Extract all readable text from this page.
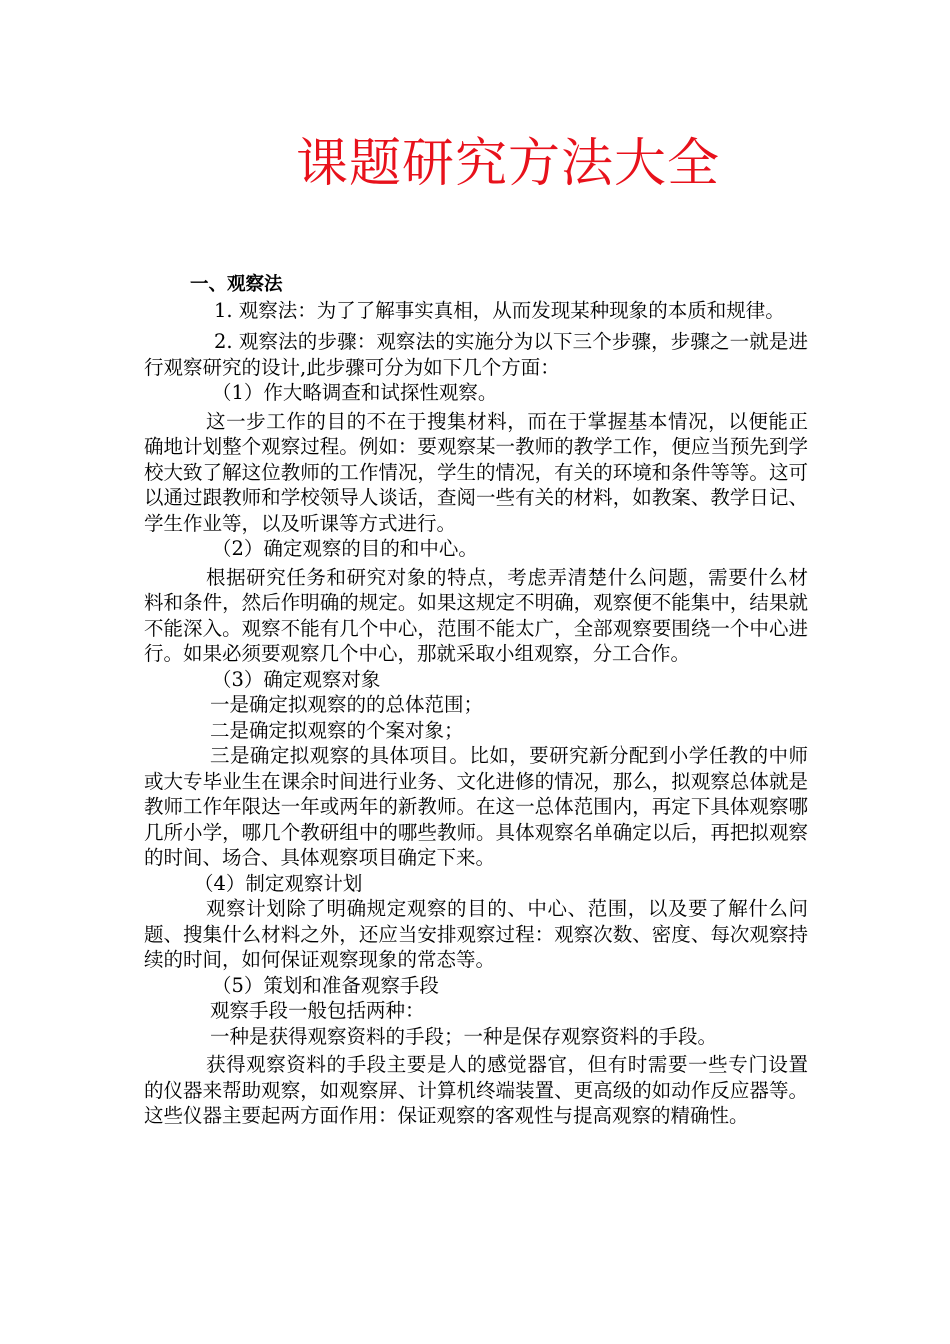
课题研究方法大全

一、观察法

1. 观察法：为了了解事实真相，从而发现某种现象的本质和规律。

2. 观察法的步骤：观察法的实施分为以下三个步骤，步骤之一就是进行观察研究的设计,此步骤可分为如下几个方面：

（1）作大略调查和试探性观察。

这一步工作的目的不在于搜集材料，而在于掌握基本情况，以便能正确地计划整个观察过程。例如：要观察某一教师的教学工作，便应当预先到学校大致了解这位教师的工作情况，学生的情况，有关的环境和条件等等。这可以通过跟教师和学校领导人谈话，查阅一些有关的材料，如教案、教学日记、学生作业等，以及听课等方式进行。

（2）确定观察的目的和中心。

根据研究任务和研究对象的特点，考虑弄清楚什么问题，需要什么材料和条件，然后作明确的规定。如果这规定不明确，观察便不能集中，结果就不能深入。观察不能有几个中心，范围不能太广，全部观察要围绕一个中心进行。如果必须要观察几个中心，那就采取小组观察，分工合作。

（3）确定观察对象

一是确定拟观察的的总体范围；

二是确定拟观察的个案对象；

三是确定拟观察的具体项目。比如，要研究新分配到小学任教的中师或大专毕业生在课余时间进行业务、文化进修的情况，那么，拟观察总体就是教师工作年限达一年或两年的新教师。在这一总体范围内，再定下具体观察哪几所小学，哪几个教研组中的哪些教师。具体观察名单确定以后，再把拟观察的时间、场合、具体观察项目确定下来。

（4）制定观察计划

观察计划除了明确规定观察的目的、中心、范围，以及要了解什么问题、搜集什么材料之外，还应当安排观察过程：观察次数、密度、每次观察持续的时间，如何保证观察现象的常态等。

（5）策划和准备观察手段

观察手段一般包括两种：

一种是获得观察资料的手段；一种是保存观察资料的手段。

获得观察资料的手段主要是人的感觉器官，但有时需要一些专门设置的仪器来帮助观察，如观察屏、计算机终端装置、更高级的如动作反应器等。这些仪器主要起两方面作用：保证观察的客观性与提高观察的精确性。
